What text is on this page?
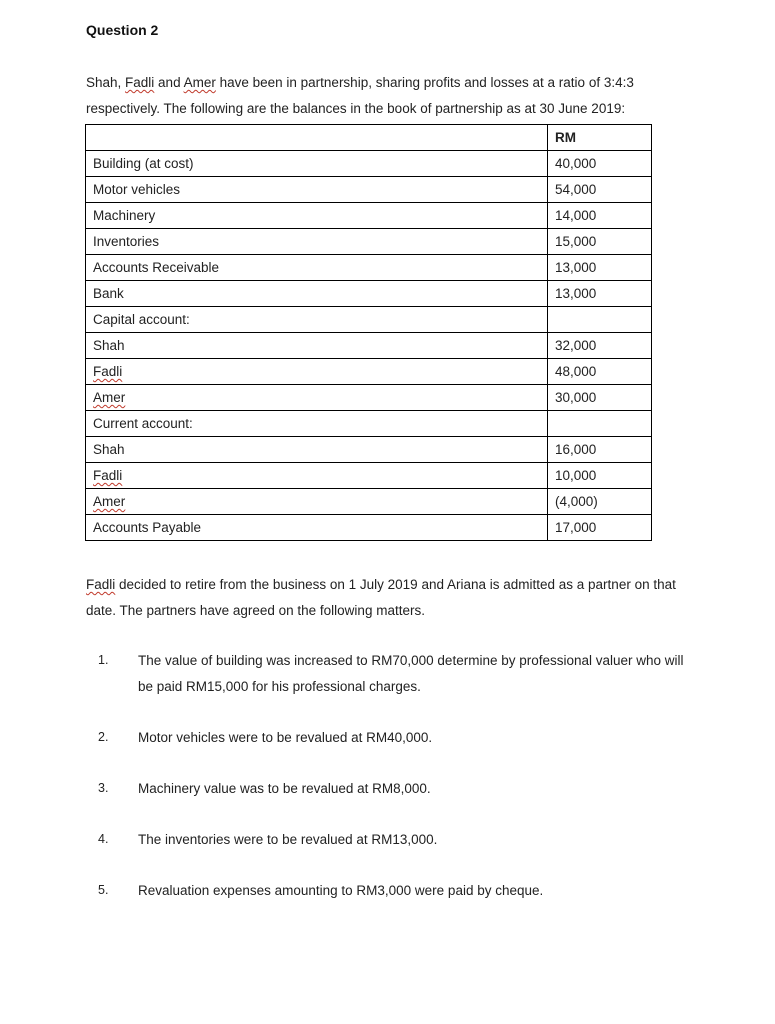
Question 2
Shah, Fadli and Amer have been in partnership, sharing profits and losses at a ratio of 3:4:3 respectively. The following are the balances in the book of partnership as at 30 June 2019:
	RM
Building (at cost)	40,000
Motor vehicles	54,000
Machinery	14,000
Inventories	15,000
Accounts Receivable	13,000
Bank	13,000
Capital account:	
Shah	32,000
Fadli	48,000
Amer	30,000
Current account:	
Shah	16,000
Fadli	10,000
Amer	(4,000)
Accounts Payable	17,000
Fadli decided to retire from the business on 1 July 2019 and Ariana is admitted as a partner on that date. The partners have agreed on the following matters.
1.	The value of building was increased to RM70,000 determine by professional valuer who will be paid RM15,000 for his professional charges.
2.	Motor vehicles were to be revalued at RM40,000.
3.	Machinery value was to be revalued at RM8,000.
4.	The inventories were to be revalued at RM13,000.
5.	Revaluation expenses amounting to RM3,000 were paid by cheque.
